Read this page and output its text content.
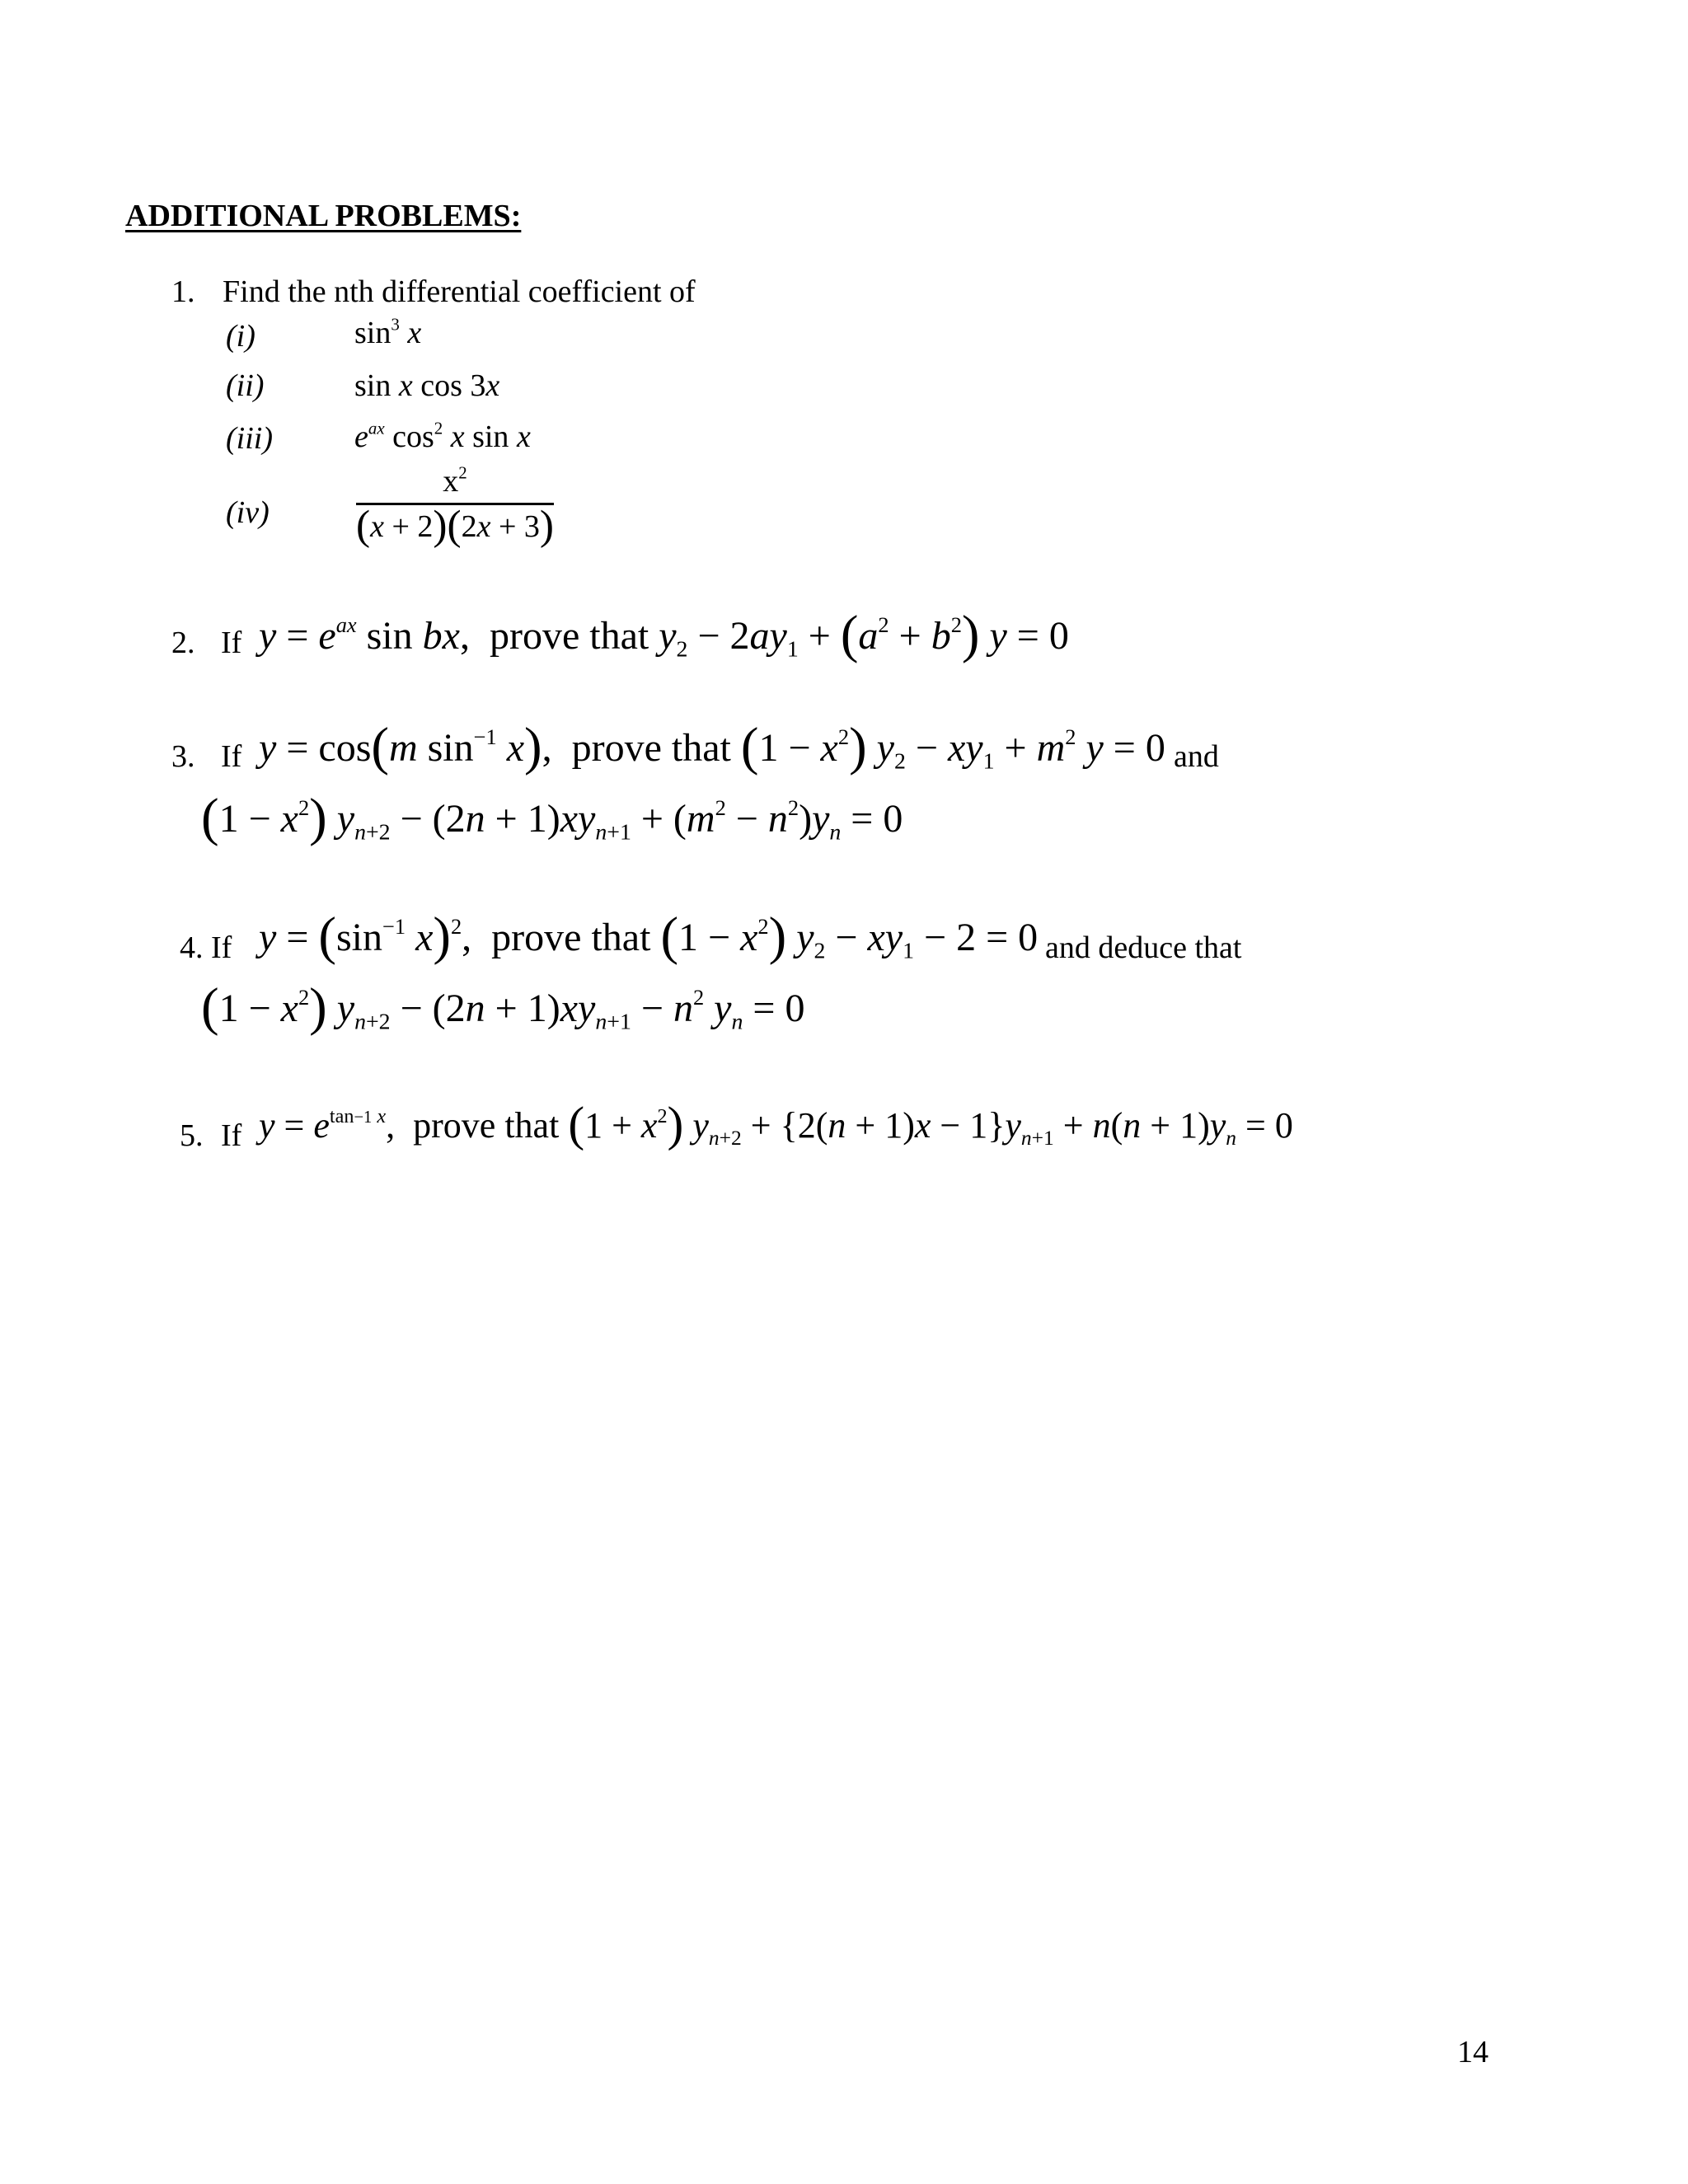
ADDITIONAL PROBLEMS:
1. Find the nth differential coefficient of
(i)	$\sin^3 x$
(ii)	sin x cos 3x
(iii)	$e^{ax}$ $\cos^2 x$ sin x
(iv)	$\frac{x^2}{(x + 2)(2x + 3)}$
2. If $y = e^{ax}$ sin bx,  prove that $y_2 - 2ay_1 + (a^2 + b^2) y = 0$
3. If y = cos(m $\sin^{-1} x$),  prove that $(1 - x^2)$ $y_2 - xy_1 + m^2$ y = 0 and
$(1 - x^2)$ $y_{n+2} - (2n + 1)xy_{n+1} + (m^2 - n^2)y_n = 0$
4. If $y = (\sin^{-1}$ x)$^2$,  prove that $(1 - x^2)$ $y_2 - xy_1 - 2 = 0$ and deduce that
$(1 - x^2)$ $y_{n+2} - (2n + 1)xy_{n+1} - n^2$ $y_n = 0$
5. If $y = e^{tan-1 x}$,  prove that $(1 + x^2)$ $y_{n+2} + \{2(n + 1)x - 1\}y_{n+1} + n(n + 1)y_n = 0$
14
